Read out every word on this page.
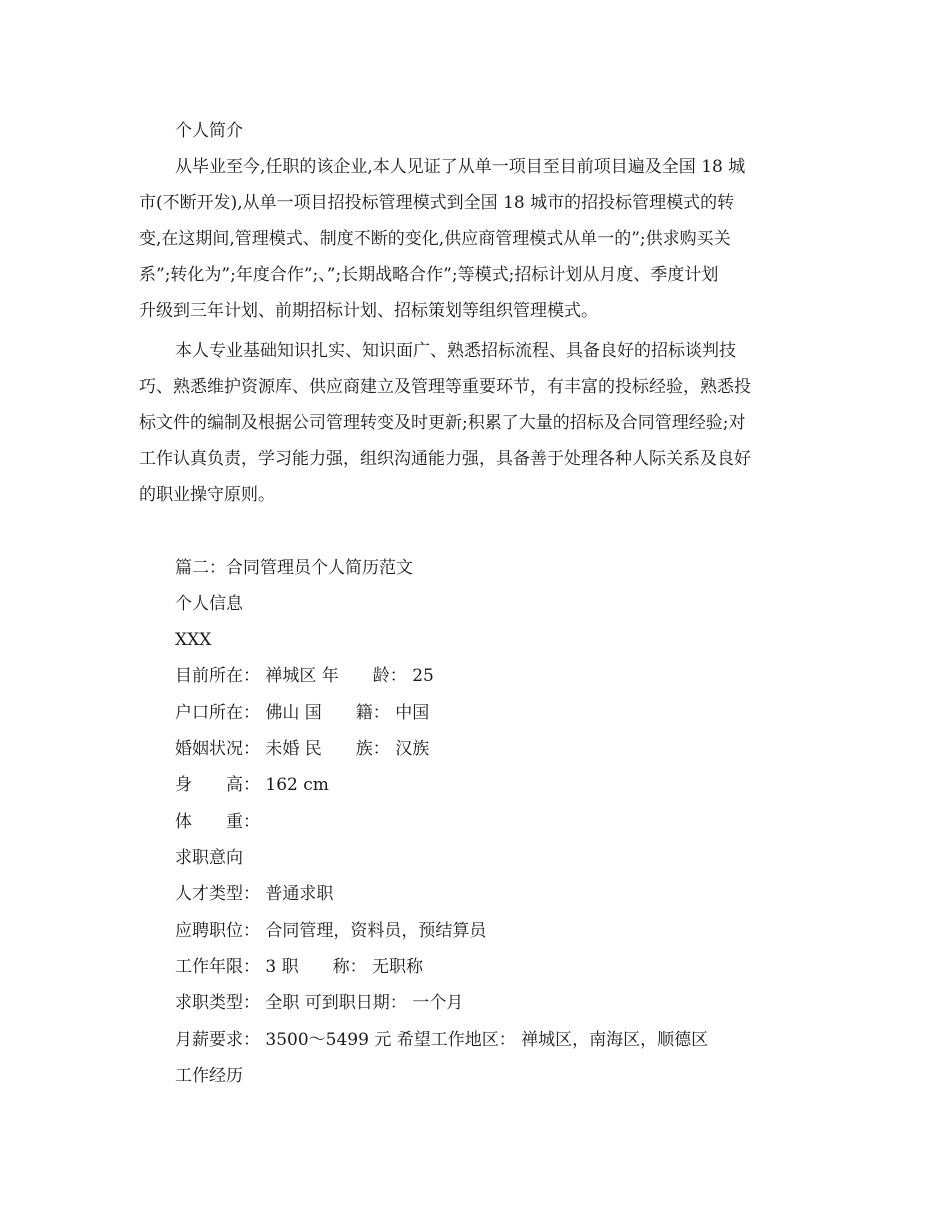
个人简介
从毕业至今,任职的该企业,本人见证了从单一项目至目前项目遍及全国 18 城
市(不断开发),从单一项目招投标管理模式到全国 18 城市的招投标管理模式的转
变,在这期间,管理模式、制度不断的变化,供应商管理模式从单一的”;供求购买关
系”;转化为”;年度合作”;、”;长期战略合作”;等模式;招标计划从月度、季度计划
升级到三年计划、前期招标计划、招标策划等组织管理模式。
本人专业基础知识扎实、知识面广、熟悉招标流程、具备良好的招标谈判技
巧、熟悉维护资源库、供应商建立及管理等重要环节，有丰富的投标经验，熟悉投
标文件的编制及根据公司管理转变及时更新;积累了大量的招标及合同管理经验;对
工作认真负责，学习能力强，组织沟通能力强，具备善于处理各种人际关系及良好
的职业操守原则。
篇二：合同管理员个人简历范文
个人信息
XXX
目前所在： 禅城区 年　　龄： 25
户口所在： 佛山 国　　籍： 中国
婚姻状况： 未婚 民　　族： 汉族
身　　高： 162 cm
体　　重：
求职意向
人才类型： 普通求职
应聘职位： 合同管理，资料员，预结算员
工作年限： 3 职　　称： 无职称
求职类型： 全职 可到职日期： 一个月
月薪要求： 3500～5499 元 希望工作地区： 禅城区，南海区，顺德区
工作经历
